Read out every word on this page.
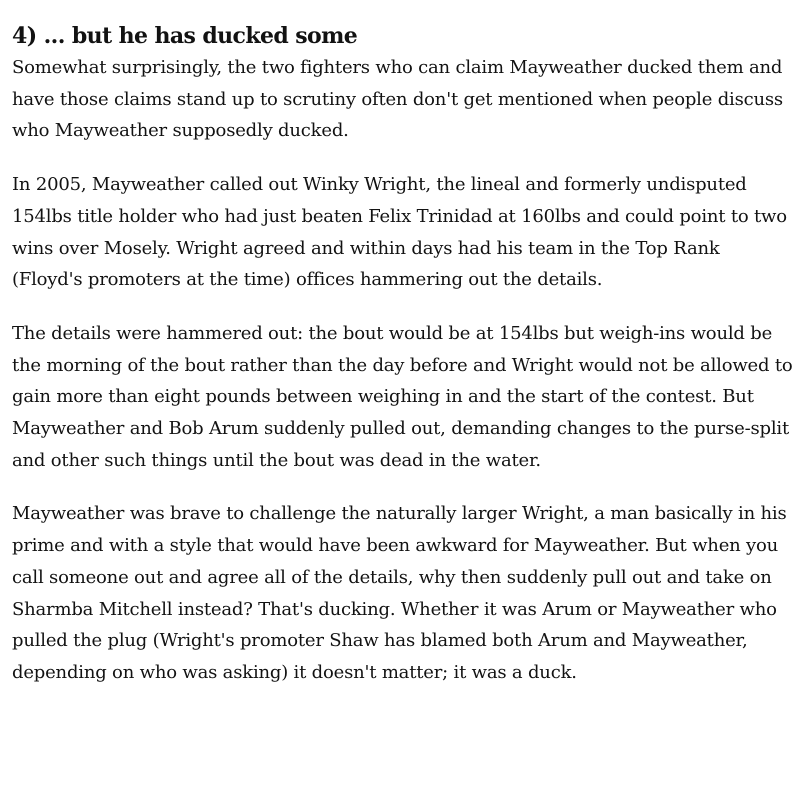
4) ... but he has ducked some

Somewhat surprisingly, the two fighters who can claim Mayweather ducked them and have those claims stand up to scrutiny often don't get mentioned when people discuss who Mayweather supposedly ducked.

In 2005, Mayweather called out Winky Wright, the lineal and formerly undisputed 154lbs title holder who had just beaten Felix Trinidad at 160lbs and could point to two wins over Mosely. Wright agreed and within days had his team in the Top Rank (Floyd's promoters at the time) offices hammering out the details.

The details were hammered out: the bout would be at 154lbs but weigh-ins would be the morning of the bout rather than the day before and Wright would not be allowed to gain more than eight pounds between weighing in and the start of the contest. But Mayweather and Bob Arum suddenly pulled out, demanding changes to the purse-split and other such things until the bout was dead in the water.

Mayweather was brave to challenge the naturally larger Wright, a man basically in his prime and with a style that would have been awkward for Mayweather. But when you call someone out and agree all of the details, why then suddenly pull out and take on Sharmba Mitchell instead? That's ducking. Whether it was Arum or Mayweather who pulled the plug (Wright's promoter Shaw has blamed both Arum and Mayweather, depending on who was asking) it doesn't matter; it was a duck.
